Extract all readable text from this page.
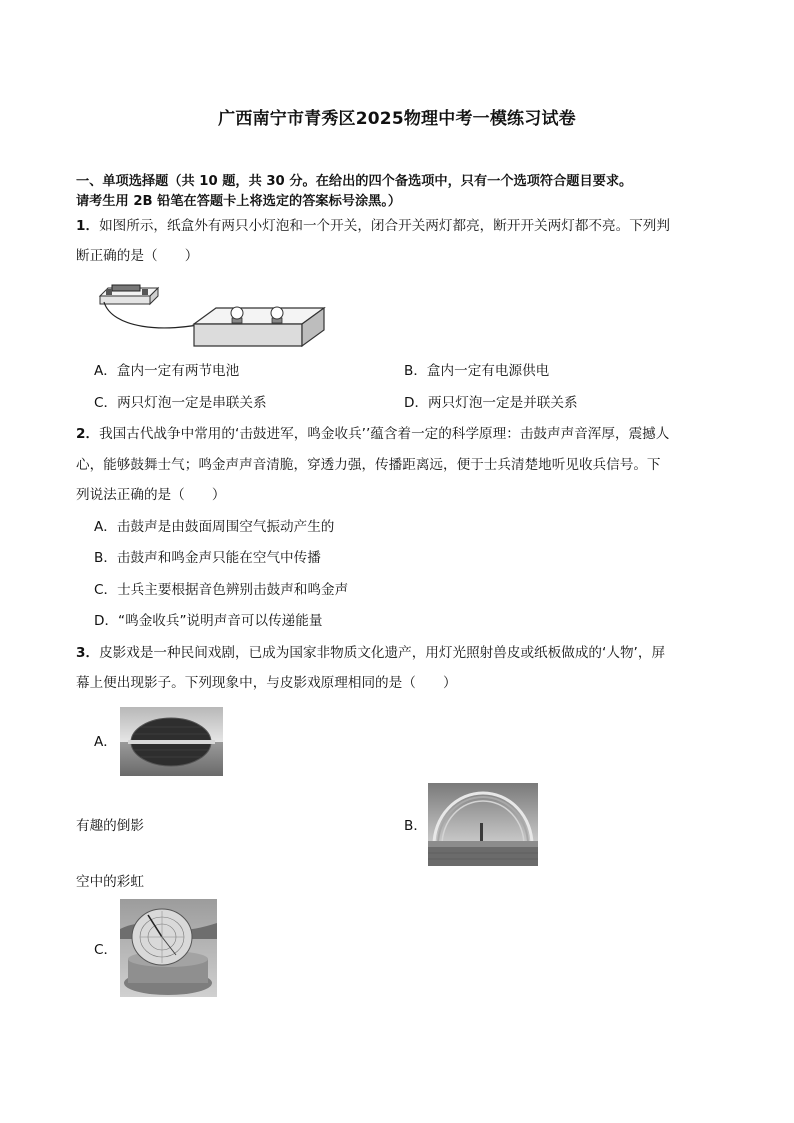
广西南宁市青秀区2025物理中考一模练习试卷
一、单项选择题（共 10 题，共 30 分。在给出的四个备选项中，只有一个选项符合题目要求。
请考生用 2B 铅笔在答题卡上将选定的答案标号涂黑。）
1．如图所示，纸盒外有两只小灯泡和一个开关，闭合开关两灯都亮，断开开关两灯都不亮。下列判
断正确的是（　　）
A．盒内一定有两节电池	B．盒内一定有电源供电
C．两只灯泡一定是串联关系	D．两只灯泡一定是并联关系
2．我国古代战争中常用的‘击鼓进军，鸣金收兵’’蕴含着一定的科学原理：击鼓声声音浑厚，震撼人
心，能够鼓舞士气；鸣金声声音清脆，穿透力强，传播距离远，便于士兵清楚地听见收兵信号。下
列说法正确的是（　　）
A．击鼓声是由鼓面周围空气振动产生的
B．击鼓声和鸣金声只能在空气中传播
C．士兵主要根据音色辨别击鼓声和鸣金声
D．“鸣金收兵”说明声音可以传递能量
3．皮影戏是一种民间戏剧，已成为国家非物质文化遗产，用灯光照射兽皮或纸板做成的‘人物’，屏
幕上便出现影子。下列现象中，与皮影戏原理相同的是（　　）
A．
有趣的倒影	B．
空中的彩虹
C．
